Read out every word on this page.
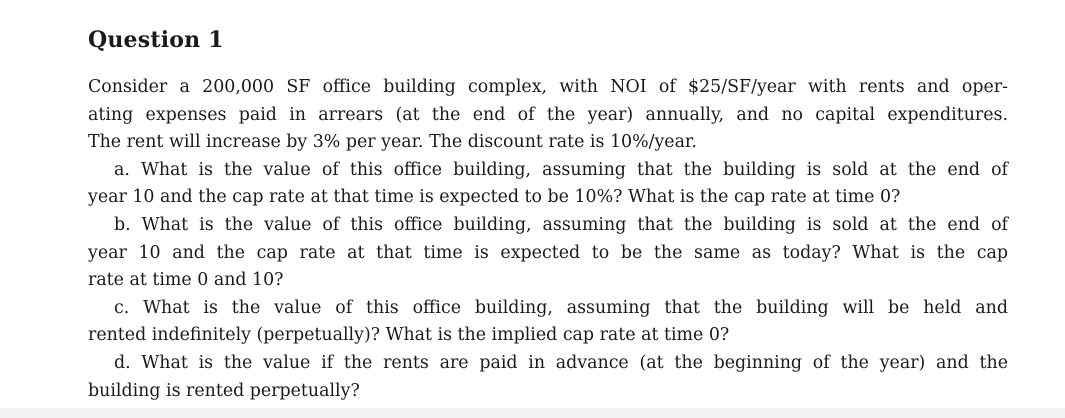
Question 1

Consider a 200,000 SF office building complex, with NOI of $25/SF/year with rents and oper-
ating expenses paid in arrears (at the end of the year) annually, and no capital expenditures.
The rent will increase by 3% per year. The discount rate is 10%/year.

a. What is the value of this office building, assuming that the building is sold at the end of
year 10 and the cap rate at that time is expected to be 10%? What is the cap rate at time 0?

b. What is the value of this office building, assuming that the building is sold at the end of
year 10 and the cap rate at that time is expected to be the same as today? What is the cap
rate at time 0 and 10?

c. What is the value of this office building, assuming that the building will be held and
rented indefinitely (perpetually)? What is the implied cap rate at time 0?

d. What is the value if the rents are paid in advance (at the beginning of the year) and the
building is rented perpetually?
